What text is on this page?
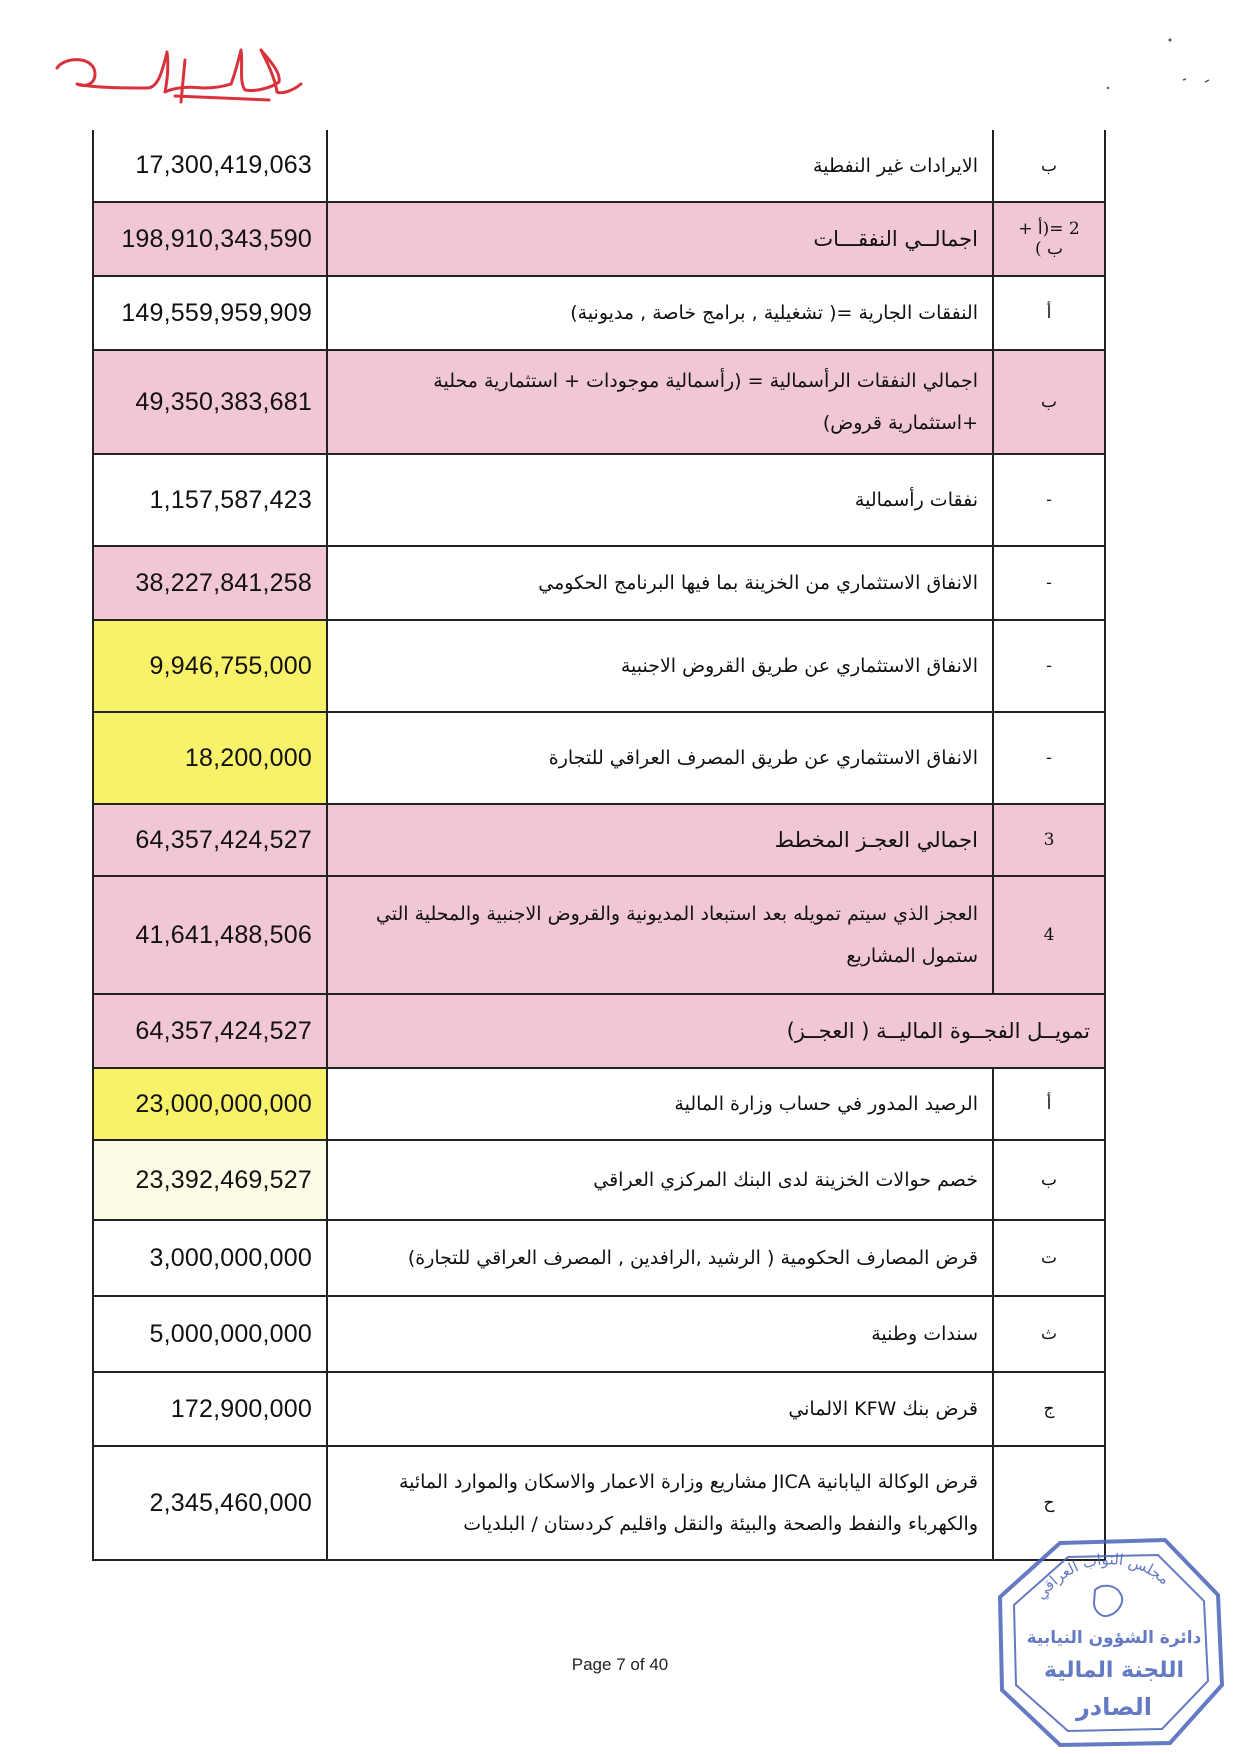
17,300,419,063	الايرادات غير النفطية	ب
198,910,343,590	اجمالــي النفقـــات	2 =(أ + ب )
149,559,959,909	النفقات الجارية =( تشغيلية , برامج خاصة , مديونية)	أ
49,350,383,681	اجمالي النفقات الرأسمالية = (رأسمالية موجودات + استثمارية محلية +استثمارية قروض)	ب
1,157,587,423	نفقات رأسمالية	-
38,227,841,258	الانفاق الاستثماري من الخزينة بما فيها البرنامج الحكومي	-
9,946,755,000	الانفاق الاستثماري عن طريق القروض الاجنبية	-
18,200,000	الانفاق الاستثماري عن طريق المصرف العراقي للتجارة	-
64,357,424,527	اجمالي العجـز المخطط	3
41,641,488,506	العجز الذي سيتم تمويله بعد استبعاد المديونية والقروض الاجنبية والمحلية التي ستمول المشاريع	4
64,357,424,527	تمويــل الفجــوة الماليــة ( العجــز)	
23,000,000,000	الرصيد المدور في حساب وزارة المالية	أ
23,392,469,527	خصم حوالات الخزينة لدى البنك المركزي العراقي	ب
3,000,000,000	قرض المصارف الحكومية ( الرشيد ,الرافدين , المصرف العراقي للتجارة)	ت
5,000,000,000	سندات وطنية	ث
172,900,000	قرض بنك KFW الالماني	ج
2,345,460,000	قرض الوكالة اليابانية JICA مشاريع وزارة الاعمار والاسكان والموارد المائية والكهرباء والنفط والصحة والبيئة والنقل واقليم كردستان / البلديات	ح
Page 7 of 40
مجلس النواب العراقي
دائرة الشؤون النيابية
اللجنة المالية
الصادر
